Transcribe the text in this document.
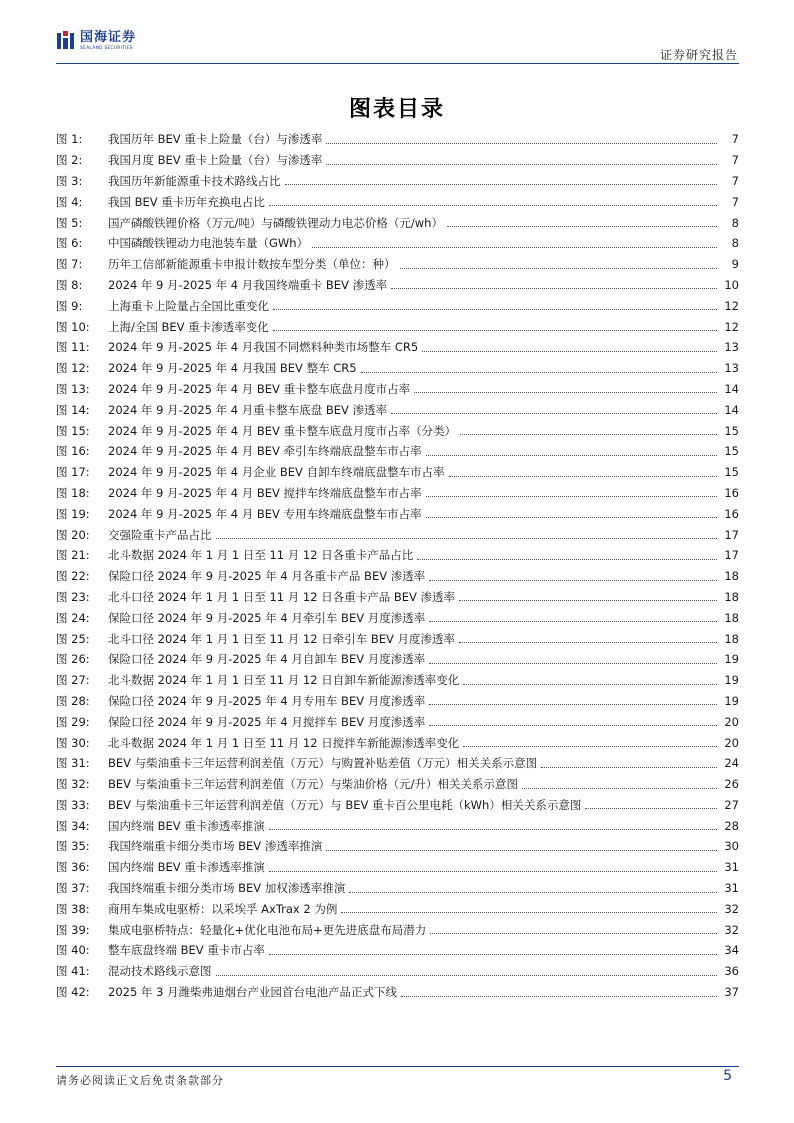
国海证券
SEALAND SECURITIES	证券研究报告
图表目录
图 1:	我国历年 BEV 重卡上险量（台）与渗透率	7
图 2:	我国月度 BEV 重卡上险量（台）与渗透率	7
图 3:	我国历年新能源重卡技术路线占比	7
图 4:	我国 BEV 重卡历年充换电占比	7
图 5:	国产磷酸铁锂价格（万元/吨）与磷酸铁锂动力电芯价格（元/wh）	8
图 6:	中国磷酸铁锂动力电池装车量（GWh）	8
图 7:	历年工信部新能源重卡申报计数按车型分类（单位：种）	9
图 8:	2024 年 9 月-2025 年 4 月我国终端重卡 BEV 渗透率	10
图 9:	上海重卡上险量占全国比重变化	12
图 10:	上海/全国 BEV 重卡渗透率变化	12
图 11:	2024 年 9 月-2025 年 4 月我国不同燃料种类市场整车 CR5	13
图 12:	2024 年 9 月-2025 年 4 月我国 BEV 整车 CR5	13
图 13:	2024 年 9 月-2025 年 4 月 BEV 重卡整车底盘月度市占率	14
图 14:	2024 年 9 月-2025 年 4 月重卡整车底盘 BEV 渗透率	14
图 15:	2024 年 9 月-2025 年 4 月 BEV 重卡整车底盘月度市占率（分类）	15
图 16:	2024 年 9 月-2025 年 4 月 BEV 牵引车终端底盘整车市占率	15
图 17:	2024 年 9 月-2025 年 4 月企业 BEV 自卸车终端底盘整车市占率	15
图 18:	2024 年 9 月-2025 年 4 月 BEV 搅拌车终端底盘整车市占率	16
图 19:	2024 年 9 月-2025 年 4 月 BEV 专用车终端底盘整车市占率	16
图 20:	交强险重卡产品占比	17
图 21:	北斗数据 2024 年 1 月 1 日至 11 月 12 日各重卡产品占比	17
图 22:	保险口径 2024 年 9 月-2025 年 4 月各重卡产品 BEV 渗透率	18
图 23:	北斗口径 2024 年 1 月 1 日至 11 月 12 日各重卡产品 BEV 渗透率	18
图 24:	保险口径 2024 年 9 月-2025 年 4 月牵引车 BEV 月度渗透率	18
图 25:	北斗口径 2024 年 1 月 1 日至 11 月 12 日牵引车 BEV 月度渗透率	18
图 26:	保险口径 2024 年 9 月-2025 年 4 月自卸车 BEV 月度渗透率	19
图 27:	北斗数据 2024 年 1 月 1 日至 11 月 12 日自卸车新能源渗透率变化	19
图 28:	保险口径 2024 年 9 月-2025 年 4 月专用车 BEV 月度渗透率	19
图 29:	保险口径 2024 年 9 月-2025 年 4 月搅拌车 BEV 月度渗透率	20
图 30:	北斗数据 2024 年 1 月 1 日至 11 月 12 日搅拌车新能源渗透率变化	20
图 31:	BEV 与柴油重卡三年运营利润差值（万元）与购置补贴差值（万元）相关关系示意图	24
图 32:	BEV 与柴油重卡三年运营利润差值（万元）与柴油价格（元/升）相关关系示意图	26
图 33:	BEV 与柴油重卡三年运营利润差值（万元）与 BEV 重卡百公里电耗（kWh）相关关系示意图	27
图 34:	国内终端 BEV 重卡渗透率推演	28
图 35:	我国终端重卡细分类市场 BEV 渗透率推演	30
图 36:	国内终端 BEV 重卡渗透率推演	31
图 37:	我国终端重卡细分类市场 BEV 加权渗透率推演	31
图 38:	商用车集成电驱桥：以采埃孚 AxTrax 2 为例	32
图 39:	集成电驱桥特点：轻量化+优化电池布局+更先进底盘布局潜力	32
图 40:	整车底盘终端 BEV 重卡市占率	34
图 41:	混动技术路线示意图	36
图 42:	2025 年 3 月潍柴弗迪烟台产业园首台电池产品正式下线	37
请务必阅读正文后免责条款部分	5
